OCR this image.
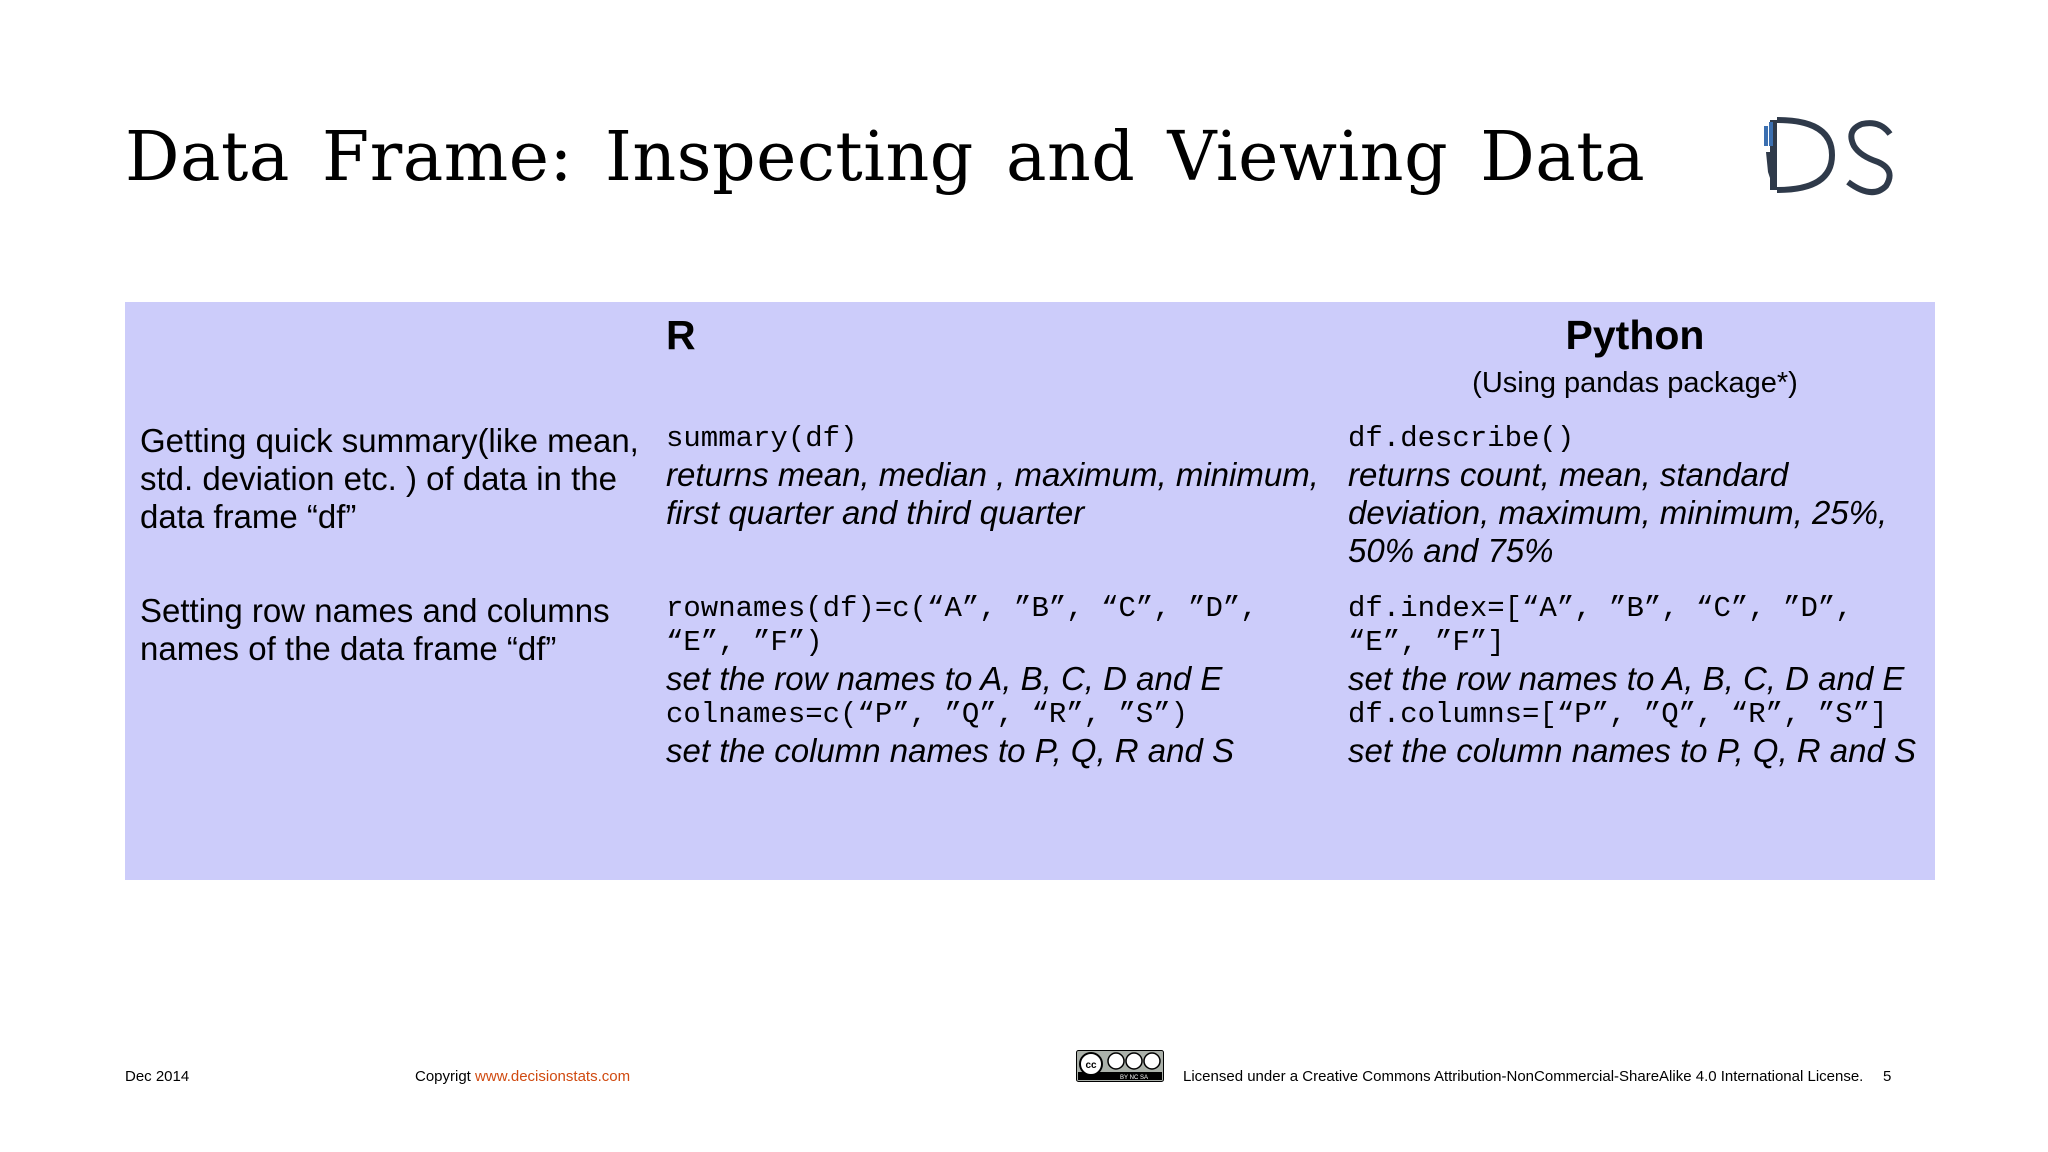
Data Frame: Inspecting and Viewing Data
DS
R	Python
(Using pandas package*)
Getting quick summary(like mean, std. deviation etc. ) of data in the data frame “df”
summary(df)
returns mean, median , maximum, minimum, first quarter and third quarter
df.describe()
returns count, mean, standard deviation, maximum, minimum, 25%, 50% and 75%
Setting row names and columns names of the data frame “df”
rownames(df)=c(“A”, ”B”, “C”, ”D”, “E”, ”F”)
set the row names to A, B, C, D and E
colnames=c(“P”, ”Q”, “R”, ”S”)
set the column names to P, Q, R and S
df.index=[“A”, ”B”, “C”, ”D”, “E”, ”F”]
set the row names to A, B, C, D and E
df.columns=[“P”, ”Q”, “R”, ”S”]
set the column names to P, Q, R and S
Dec 2014	Copyrigt www.decisionstats.com
cc
BY NC SA Licensed under a Creative Commons Attribution-NonCommercial-ShareAlike 4.0 International License. 5
